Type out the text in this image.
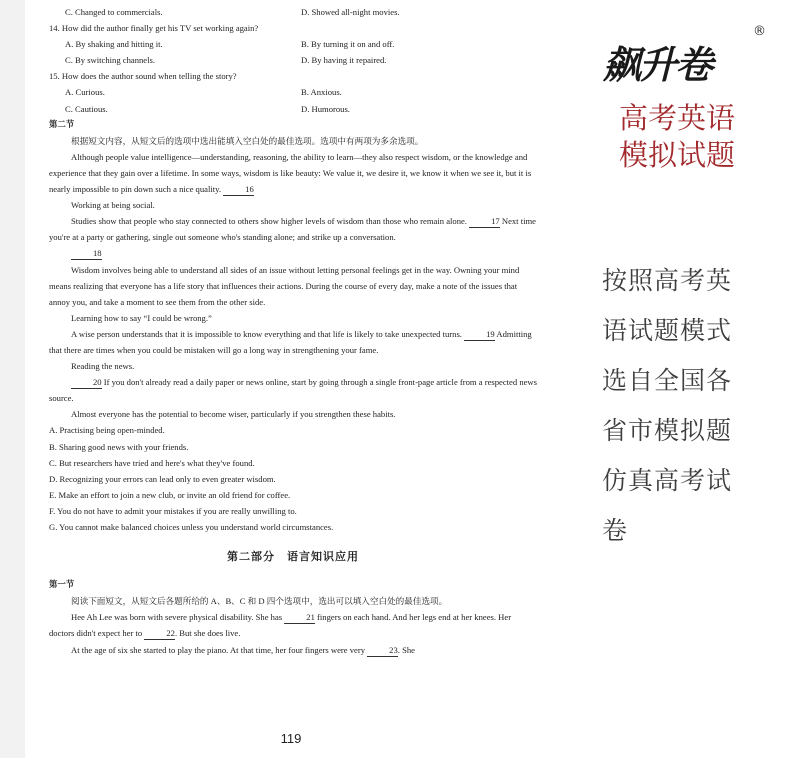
C. Changed to commercials.	D. Showed all-night movies.
14. How did the author finally get his TV set working again?
A. By shaking and hitting it.	B. By turning it on and off.
C. By switching channels.	D. By having it repaired.
15. How does the author sound when telling the story?
A. Curious.	B. Anxious.
C. Cautious.	D. Humorous.
第二节
根据短文内容，从短文后的选项中选出能填入空白处的最佳选项。选项中有两项为多余选项。
Although people value intelligence—understanding, reasoning, the ability to learn—they also respect wisdom, or the knowledge and experience that they gain over a lifetime. In some ways, wisdom is like beauty: We value it, we desire it, we know it when we see it, but it is nearly impossible to pin down such a nice quality.	16
Working at being social.
Studies show that people who stay connected to others show higher levels of wisdom than those who remain alone.	17 Next time you're at a party or gathering, single out someone who's standing alone; and strike up a conversation.
18
Wisdom involves being able to understand all sides of an issue without letting personal feelings get in the way. Owning your mind means realizing that everyone has a life story that influences their actions. During the course of every day, make a note of the issues that annoy you, and take a moment to see them from the other side.
Learning how to say “I could be wrong.”
A wise person understands that it is impossible to know everything and that life is likely to take unexpected turns.	19 Admitting that there are times when you could be mistaken will go a long way in strengthening your fame.
Reading the news.
20 If you don't already read a daily paper or news online, start by going through a single front-page article from a respected news source.
Almost everyone has the potential to become wiser, particularly if you strengthen these habits.
A. Practising being open-minded.
B. Sharing good news with your friends.
C. But researchers have tried and here's what they've found.
D. Recognizing your errors can lead only to even greater wisdom.
E. Make an effort to join a new club, or invite an old friend for coffee.
F. You do not have to admit your mistakes if you are really unwilling to.
G. You cannot make balanced choices unless you understand world circumstances.
第二部分　语言知识应用
第一节
阅读下面短文，从短文后各题所给的 A、B、C 和 D 四个选项中，选出可以填入空白处的最佳选项。
Hee Ah Lee was born with severe physical disability. She has	21 fingers on each hand. And her legs end at her knees. Her doctors didn't expect her to	22. But she does live.
At the age of six she started to play the piano. At that time, her four fingers were very	23. She
119
飙升卷
®
高考英语
模拟试题
按照高考英
语试题模式
选自全国各
省市模拟题
仿真高考试
卷
